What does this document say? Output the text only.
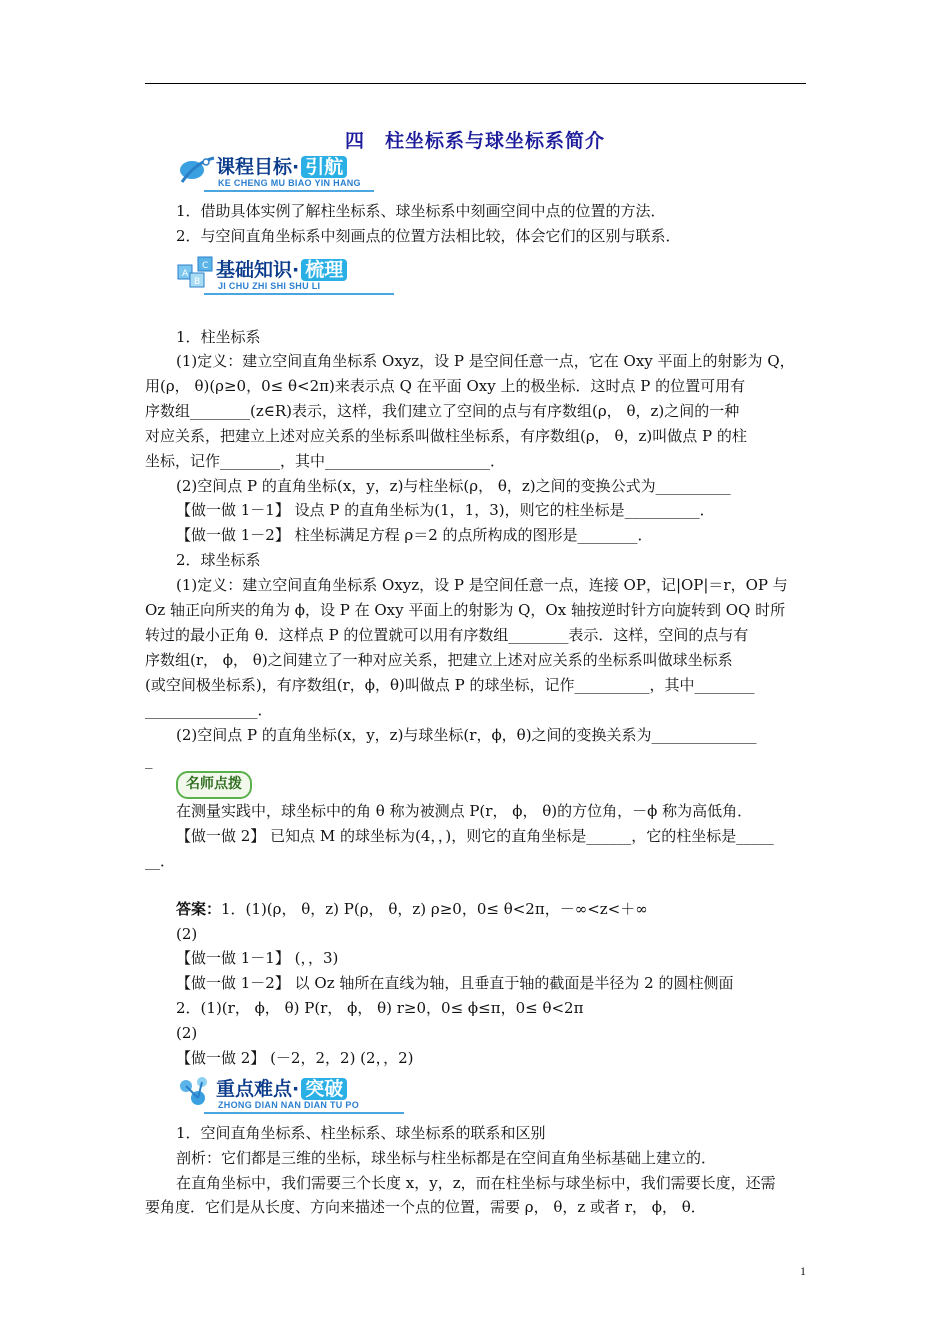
四　柱坐标系与球坐标系简介
课程目标· 引航
KE CHENG MU BIAO YIN HANG
A
B
C 基础知识· 梳理
JI CHU ZHI SHI SHU LI
1．借助具体实例了解柱坐标系、球坐标系中刻画空间中点的位置的方法．
2．与空间直角坐标系中刻画点的位置方法相比较，体会它们的区别与联系．
1．柱坐标系
(1)定义：建立空间直角坐标系 Oxyz，设 P 是空间任意一点，它在 Oxy 平面上的射影为 Q，
用(ρ， θ)(ρ≥0，0≤ θ<2π)来表示点 Q 在平面 Oxy 上的极坐标．这时点 P 的位置可用有
序数组________(z∈R)表示，这样，我们建立了空间的点与有序数组(ρ， θ，z)之间的一种
对应关系，把建立上述对应关系的坐标系叫做柱坐标系，有序数组(ρ， θ，z)叫做点 P 的柱
坐标，记作________，其中______________________．
(2)空间点 P 的直角坐标(x，y，z)与柱坐标(ρ， θ，z)之间的变换公式为__________
【做一做 1－1】 设点 P 的直角坐标为(1，1，3)，则它的柱坐标是__________．
【做一做 1－2】 柱坐标满足方程 ρ＝2 的点所构成的图形是________．
2．球坐标系
(1)定义：建立空间直角坐标系 Oxyz，设 P 是空间任意一点，连接 OP，记|OP|＝r，OP 与
Oz 轴正向所夹的角为 ϕ，设 P 在 Oxy 平面上的射影为 Q，Ox 轴按逆时针方向旋转到 OQ 时所
转过的最小正角 θ．这样点 P 的位置就可以用有序数组________表示．这样，空间的点与有
序数组(r， ϕ， θ)之间建立了一种对应关系，把建立上述对应关系的坐标系叫做球坐标系
(或空间极坐标系)，有序数组(r，ϕ，θ)叫做点 P 的球坐标，记作__________，其中________
_______________．
(2)空间点 P 的直角坐标(x，y，z)与球坐标(r，ϕ，θ)之间的变换关系为______________
_
名师点拨
在测量实践中，球坐标中的角 θ 称为被测点 P(r， ϕ， θ)的方位角，－ϕ 称为高低角．
【做一做 2】 已知点 M 的球坐标为(4，，)，则它的直角坐标是______，它的柱坐标是_____
__．
答案：1．(1)(ρ， θ，z) P(ρ， θ，z) ρ≥0，0≤ θ<2π，－∞<z<＋∞
(2)
【做一做 1－1】 (，，3)
【做一做 1－2】 以 Oz 轴所在直线为轴，且垂直于轴的截面是半径为 2 的圆柱侧面
2．(1)(r， ϕ， θ) P(r， ϕ， θ) r≥0，0≤ ϕ≤π，0≤ θ<2π
(2)
【做一做 2】 (－2，2，2) (2，，2)
重点难点· 突破
ZHONG DIAN NAN DIAN TU PO
1．空间直角坐标系、柱坐标系、球坐标系的联系和区别
剖析：它们都是三维的坐标，球坐标与柱坐标都是在空间直角坐标基础上建立的．
在直角坐标中，我们需要三个长度 x，y，z，而在柱坐标与球坐标中，我们需要长度，还需
要角度．它们是从长度、方向来描述一个点的位置，需要 ρ， θ，z 或者 r， ϕ， θ．
1
